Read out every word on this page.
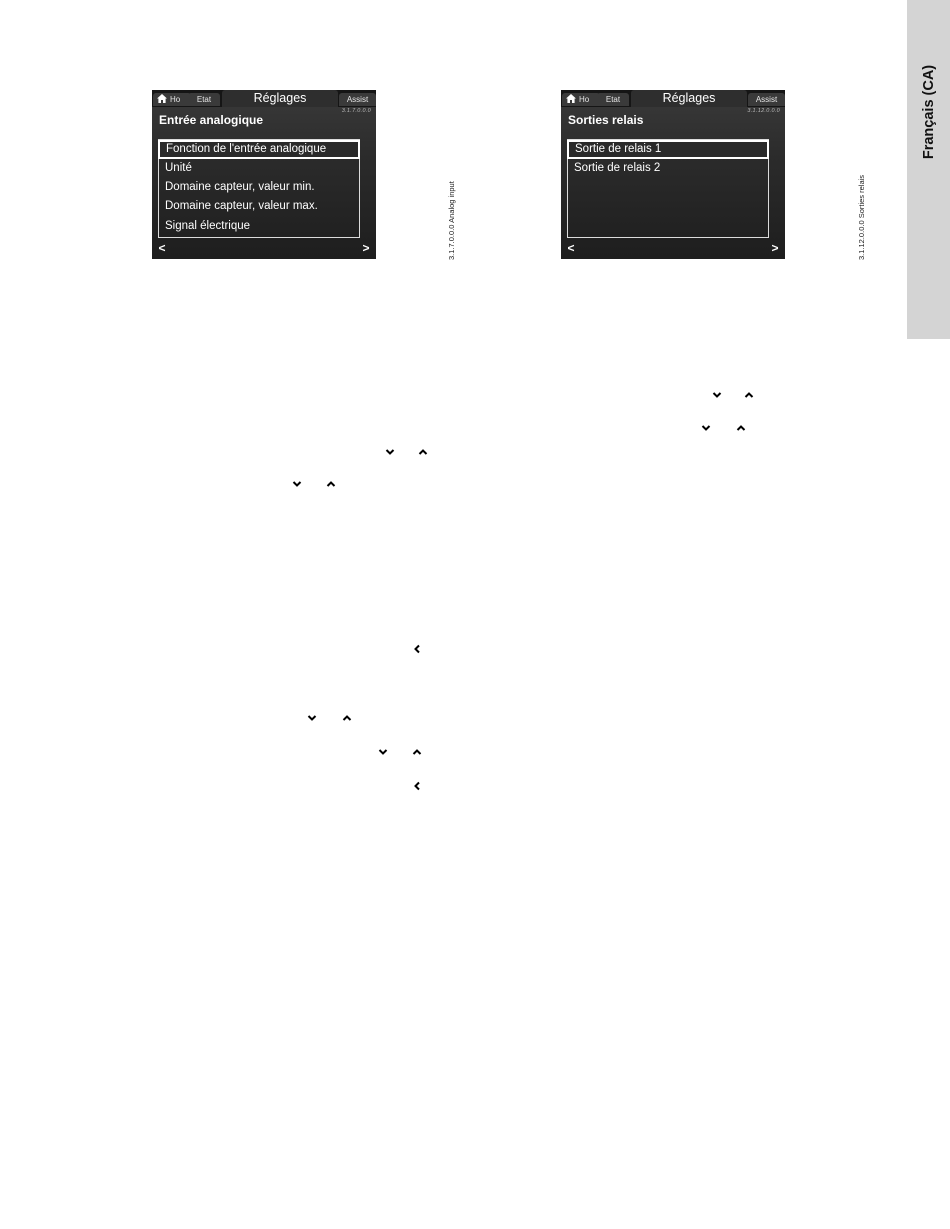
Français (CA)
Ho	Etat	Réglages	Assist
3.1.7.0.0.0
Entrée analogique
Fonction de l'entrée analogique
Unité
Domaine capteur, valeur min.
Domaine capteur, valeur max.
Signal électrique
<	>	3.1.7.0.0.0 Analog input
Ho	Etat	Réglages	Assist
3.1.12.0.0.0
Sorties relais
Sortie de relais 1
Sortie de relais 2
<	>	3.1.12.0.0.0 Sorties relais
